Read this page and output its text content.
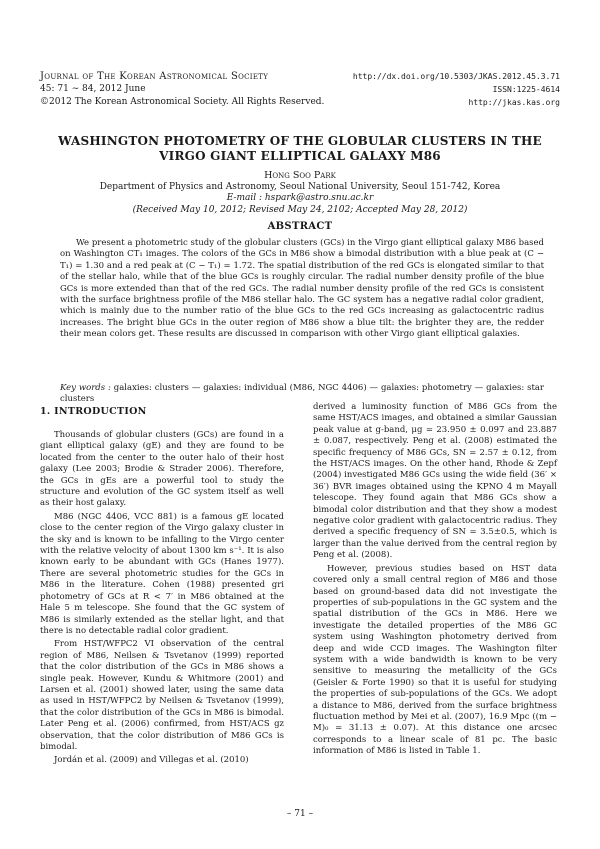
Journal of The Korean Astronomical Society
45: 71 ∼ 84, 2012 June
©2012 The Korean Astronomical Society. All Rights Reserved.
http://dx.doi.org/10.5303/JKAS.2012.45.3.71
ISSN:1225-4614
http://jkas.kas.org
WASHINGTON PHOTOMETRY OF THE GLOBULAR CLUSTERS IN THE VIRGO GIANT ELLIPTICAL GALAXY M86
Hong Soo Park
Department of Physics and Astronomy, Seoul National University, Seoul 151-742, Korea
E-mail : hspark@astro.snu.ac.kr
(Received May 10, 2012; Revised May 24, 2102; Accepted May 28, 2012)
ABSTRACT
We present a photometric study of the globular clusters (GCs) in the Virgo giant elliptical galaxy M86 based on Washington CT₁ images. The colors of the GCs in M86 show a bimodal distribution with a blue peak at (C − T₁) = 1.30 and a red peak at (C − T₁) = 1.72. The spatial distribution of the red GCs is elongated similar to that of the stellar halo, while that of the blue GCs is roughly circular. The radial number density profile of the blue GCs is more extended than that of the red GCs. The radial number density profile of the red GCs is consistent with the surface brightness profile of the M86 stellar halo. The GC system has a negative radial color gradient, which is mainly due to the number ratio of the blue GCs to the red GCs increasing as galactocentric radius increases. The bright blue GCs in the outer region of M86 show a blue tilt: the brighter they are, the redder their mean colors get. These results are discussed in comparison with other Virgo giant elliptical galaxies.
Key words : galaxies: clusters — galaxies: individual (M86, NGC 4406) — galaxies: photometry — galaxies: star clusters
1. INTRODUCTION

Thousands of globular clusters (GCs) are found in a giant elliptical galaxy (gE) and they are found to be located from the center to the outer halo of their host galaxy (Lee 2003; Brodie & Strader 2006). Therefore, the GCs in gEs are a powerful tool to study the structure and evolution of the GC system itself as well as their host galaxy.

M86 (NGC 4406, VCC 881) is a famous gE located close to the center region of the Virgo galaxy cluster in the sky and is known to be infalling to the Virgo center with the relative velocity of about 1300 km s⁻¹. It is also known early to be abundant with GCs (Hanes 1977). There are several photometric studies for the GCs in M86 in the literature. Cohen (1988) presented gri photometry of GCs at R < 7′ in M86 obtained at the Hale 5 m telescope. She found that the GC system of M86 is similarly extended as the stellar light, and that there is no detectable radial color gradient.

From HST/WFPC2 VI observation of the central region of M86, Neilsen & Tsvetanov (1999) reported that the color distribution of the GCs in M86 shows a single peak. However, Kundu & Whitmore (2001) and Larsen et al. (2001) showed later, using the same data as used in HST/WFPC2 by Neilsen & Tsvetanov (1999), that the color distribution of the GCs in M86 is bimodal. Later Peng et al. (2006) confirmed, from HST/ACS gz observation, that the color distribution of M86 GCs is bimodal.

Jordán et al. (2009) and Villegas et al. (2010)

derived a luminosity function of M86 GCs from the same HST/ACS images, and obtained a similar Gaussian peak value at g-band, μg = 23.950 ± 0.097 and 23.887 ± 0.087, respectively. Peng et al. (2008) estimated the specific frequency of M86 GCs, SN = 2.57 ± 0.12, from the HST/ACS images. On the other hand, Rhode & Zepf (2004) investigated M86 GCs using the wide field (36′ × 36′) BVR images obtained using the KPNO 4 m Mayall telescope. They found again that M86 GCs show a bimodal color distribution and that they show a modest negative color gradient with galactocentric radius. They derived a specific frequency of SN = 3.5±0.5, which is larger than the value derived from the central region by Peng et al. (2008).

However, previous studies based on HST data covered only a small central region of M86 and those based on ground-based data did not investigate the properties of sub-populations in the GC system and the spatial distribution of the GCs in M86. Here we investigate the detailed properties of the M86 GC system using Washington photometry derived from deep and wide CCD images. The Washington filter system with a wide bandwidth is known to be very sensitive to measuring the metallicity of the GCs (Geisler & Forte 1990) so that it is useful for studying the properties of sub-populations of the GCs. We adopt a distance to M86, derived from the surface brightness fluctuation method by Mei et al. (2007), 16.9 Mpc ((m − M)₀ = 31.13 ± 0.07). At this distance one arcsec corresponds to a linear scale of 81 pc. The basic information of M86 is listed in Table 1.

– 71 –
